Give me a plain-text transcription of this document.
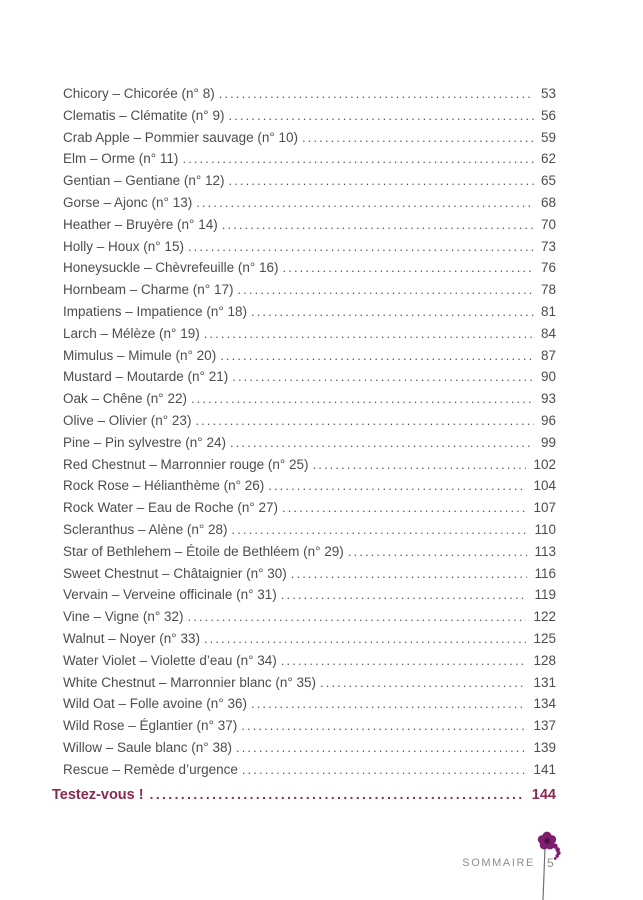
Chicory – Chicorée (n° 8) .....	53
Clematis – Clématite (n° 9) .....	56
Crab Apple – Pommier sauvage (n° 10) .....	59
Elm – Orme (n° 11) .....	62
Gentian – Gentiane (n° 12) .....	65
Gorse – Ajonc (n° 13) .....	68
Heather – Bruyère (n° 14) .....	70
Holly – Houx (n° 15) .....	73
Honeysuckle – Chèvrefeuille (n° 16) .....	76
Hornbeam – Charme (n° 17) .....	78
Impatiens – Impatience (n° 18) .....	81
Larch – Mélèze (n° 19) .....	84
Mimulus – Mimule (n° 20) .....	87
Mustard – Moutarde (n° 21) .....	90
Oak – Chêne (n° 22) .....	93
Olive – Olivier (n° 23) .....	96
Pine – Pin sylvestre (n° 24) .....	99
Red Chestnut – Marronnier rouge (n° 25) .....	102
Rock Rose – Hélianthème (n° 26) .....	104
Rock Water – Eau de Roche (n° 27) .....	107
Scleranthus – Alène (n° 28) .....	110
Star of Bethlehem – Étoile de Bethléem (n° 29) .....	113
Sweet Chestnut – Châtaignier (n° 30) .....	116
Vervain – Verveine officinale (n° 31) .....	119
Vine – Vigne (n° 32) .....	122
Walnut – Noyer (n° 33) .....	125
Water Violet – Violette d’eau (n° 34) .....	128
White Chestnut – Marronnier blanc (n° 35) .....	131
Wild Oat – Folle avoine (n° 36) .....	134
Wild Rose – Églantier (n° 37) .....	137
Willow – Saule blanc (n° 38) .....	139
Rescue – Remède d’urgence .....	141
Testez-vous ! .....	144
SOMMAIRE 5
